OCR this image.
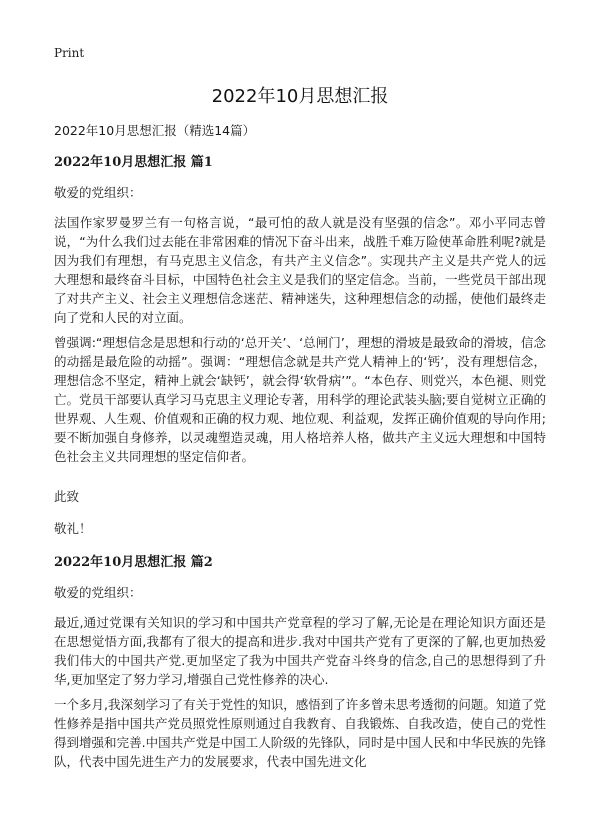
Print
2022年10月思想汇报

2022年10月思想汇报（精选14篇）

2022年10月思想汇报 篇1

敬爱的党组织：

法国作家罗曼罗兰有一句格言说，“最可怕的敌人就是没有坚强的信念”。邓小平同志曾说，“为什么我们过去能在非常困难的情况下奋斗出来，战胜千难万险使革命胜利呢?就是因为我们有理想，有马克思主义信念，有共产主义信念”。实现共产主义是共产党人的远大理想和最终奋斗目标，中国特色社会主义是我们的坚定信念。当前，一些党员干部出现了对共产主义、社会主义理想信念迷茫、精神迷失，这种理想信念的动摇，使他们最终走向了党和人民的对立面。

曾强调:“理想信念是思想和行动的‘总开关’、‘总闸门’，理想的滑坡是最致命的滑坡，信念的动摇是最危险的动摇”。强调：“理想信念就是共产党人精神上的‘钙’，没有理想信念，理想信念不坚定，精神上就会‘缺钙’，就会得‘软骨病’”。“本色存、则党兴，本色褪、则党亡。党员干部要认真学习马克思主义理论专著，用科学的理论武装头脑;要自觉树立正确的世界观、人生观、价值观和正确的权力观、地位观、利益观，发挥正确价值观的导向作用;要不断加强自身修养，以灵魂塑造灵魂，用人格培养人格，做共产主义远大理想和中国特色社会主义共同理想的坚定信仰者。

此致

敬礼！

2022年10月思想汇报 篇2

敬爱的党组织：

最近,通过党课有关知识的学习和中国共产党章程的学习了解,无论是在理论知识方面还是在思想觉悟方面,我都有了很大的提高和进步.我对中国共产党有了更深的了解,也更加热爱我们伟大的中国共产党.更加坚定了我为中国共产党奋斗终身的信念,自己的思想得到了升华,更加坚定了努力学习,增强自己党性修养的决心.

一个多月,我深刻学习了有关于党性的知识，感悟到了许多曾未思考透彻的问题。知道了党性修养是指中国共产党员照党性原则通过自我教育、自我锻炼、自我改造，使自己的党性得到增强和完善.中国共产党是中国工人阶级的先锋队，同时是中国人民和中华民族的先锋队，代表中国先进生产力的发展要求，代表中国先进文化
